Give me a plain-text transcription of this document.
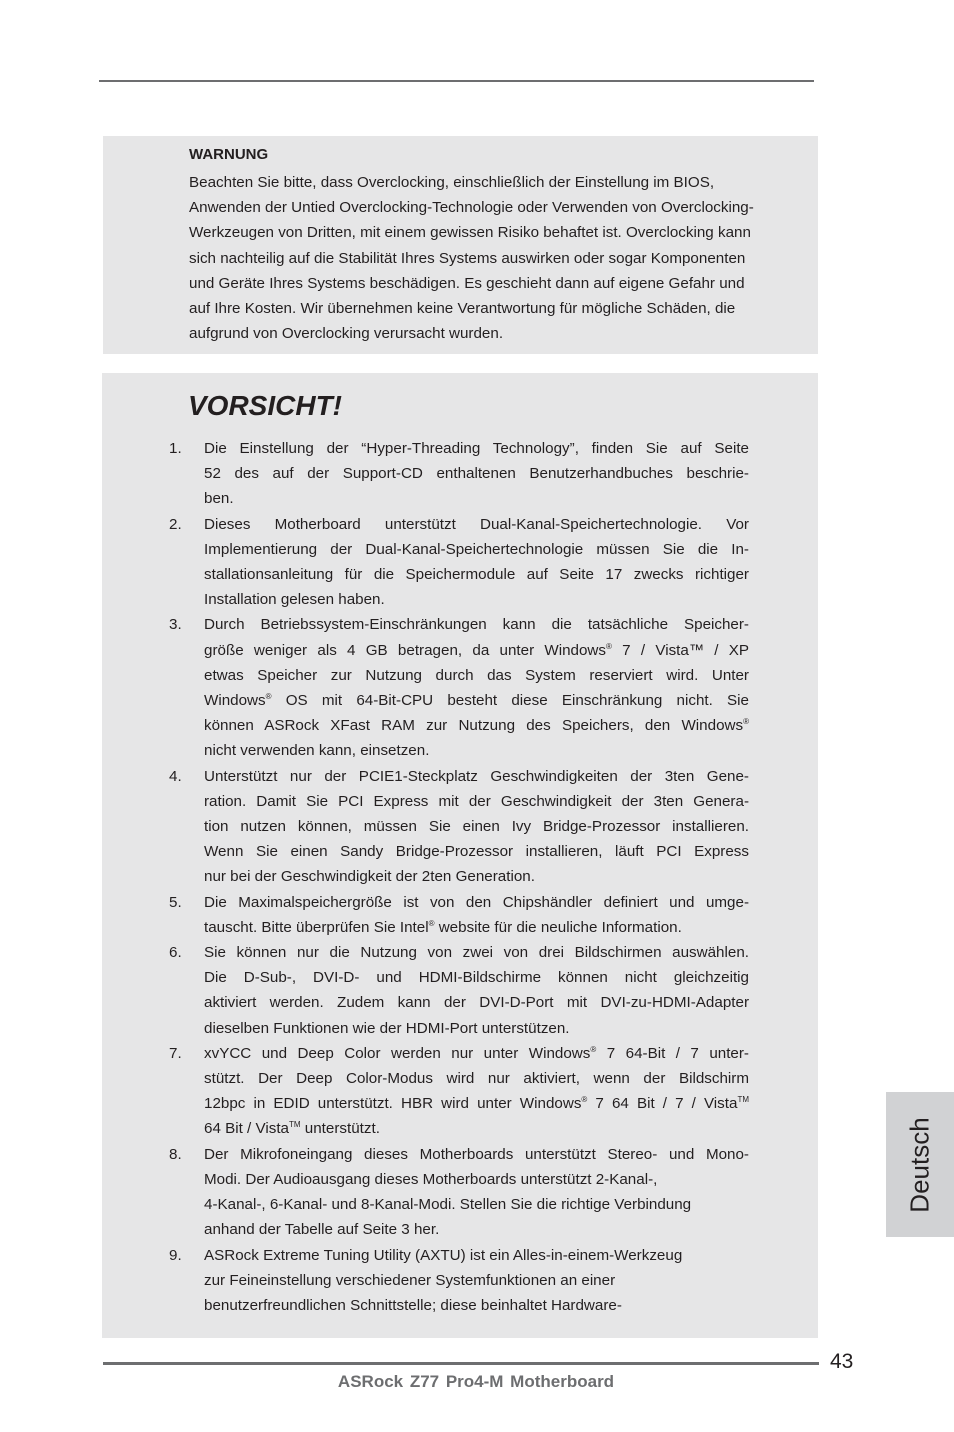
WARNUNG
Beachten Sie bitte, dass Overclocking, einschließlich der Einstellung im BIOS,
Anwenden der Untied Overclocking-Technologie oder Verwenden von Overclocking-
Werkzeugen von Dritten, mit einem gewissen Risiko behaftet ist. Overclocking kann
sich nachteilig auf die Stabilität Ihres Systems auswirken oder sogar Komponenten
und Geräte Ihres Systems beschädigen. Es geschieht dann auf eigene Gefahr und
auf Ihre Kosten. Wir übernehmen keine Verantwortung für mögliche Schäden, die
aufgrund von Overclocking verursacht wurden.
VORSICHT!
1.	Die Einstellung der “Hyper-Threading Technology”, finden Sie auf Seite
52 des auf der Support-CD enthaltenen Benutzerhandbuches beschrie-
ben.
2.	Dieses Motherboard unterstützt Dual-Kanal-Speichertechnologie. Vor
Implementierung der Dual-Kanal-Speichertechnologie müssen Sie die In-
stallationsanleitung für die Speichermodule auf Seite 17 zwecks richtiger
Installation gelesen haben.
3.	Durch Betriebssystem-Einschränkungen kann die tatsächliche Speicher-
größe weniger als 4 GB betragen, da unter Windows® 7 / Vista™ / XP
etwas Speicher zur Nutzung durch das System reserviert wird. Unter
Windows® OS mit 64-Bit-CPU besteht diese Einschränkung nicht. Sie
können ASRock XFast RAM zur Nutzung des Speichers, den Windows®
nicht verwenden kann, einsetzen.
4.	Unterstützt nur der PCIE1-Steckplatz Geschwindigkeiten der 3ten Gene-
ration. Damit Sie PCI Express mit der Geschwindigkeit der 3ten Genera-
tion nutzen können, müssen Sie einen Ivy Bridge-Prozessor installieren.
Wenn Sie einen Sandy Bridge-Prozessor installieren, läuft PCI Express
nur bei der Geschwindigkeit der 2ten Generation.
5.	Die Maximalspeichergröße ist von den Chipshändler definiert und umge-
tauscht. Bitte überprüfen Sie Intel® website für die neuliche Information.
6.	Sie können nur die Nutzung von zwei von drei Bildschirmen auswählen.
Die D-Sub-, DVI-D- und HDMI-Bildschirme können nicht gleichzeitig
aktiviert werden. Zudem kann der DVI-D-Port mit DVI-zu-HDMI-Adapter
dieselben Funktionen wie der HDMI-Port unterstützen.
7.	xvYCC und Deep Color werden nur unter Windows® 7 64-Bit / 7 unter-
stützt. Der Deep Color-Modus wird nur aktiviert, wenn der Bildschirm
12bpc in EDID unterstützt. HBR wird unter Windows® 7 64 Bit / 7 / Vista™
64 Bit / Vista™ unterstützt.
8.	Der Mikrofoneingang dieses Motherboards unterstützt Stereo- und Mono-
Modi. Der Audioausgang dieses Motherboards unterstützt 2-Kanal-,
4-Kanal-, 6-Kanal- und 8-Kanal-Modi. Stellen Sie die richtige Verbindung
anhand der Tabelle auf Seite 3 her.
9.	ASRock Extreme Tuning Utility (AXTU) ist ein Alles-in-einem-Werkzeug
zur Feineinstellung verschiedener Systemfunktionen an einer
benutzerfreundlichen Schnittstelle; diese beinhaltet Hardware-
Deutsch
43
ASRock Z77 Pro4-M Motherboard
